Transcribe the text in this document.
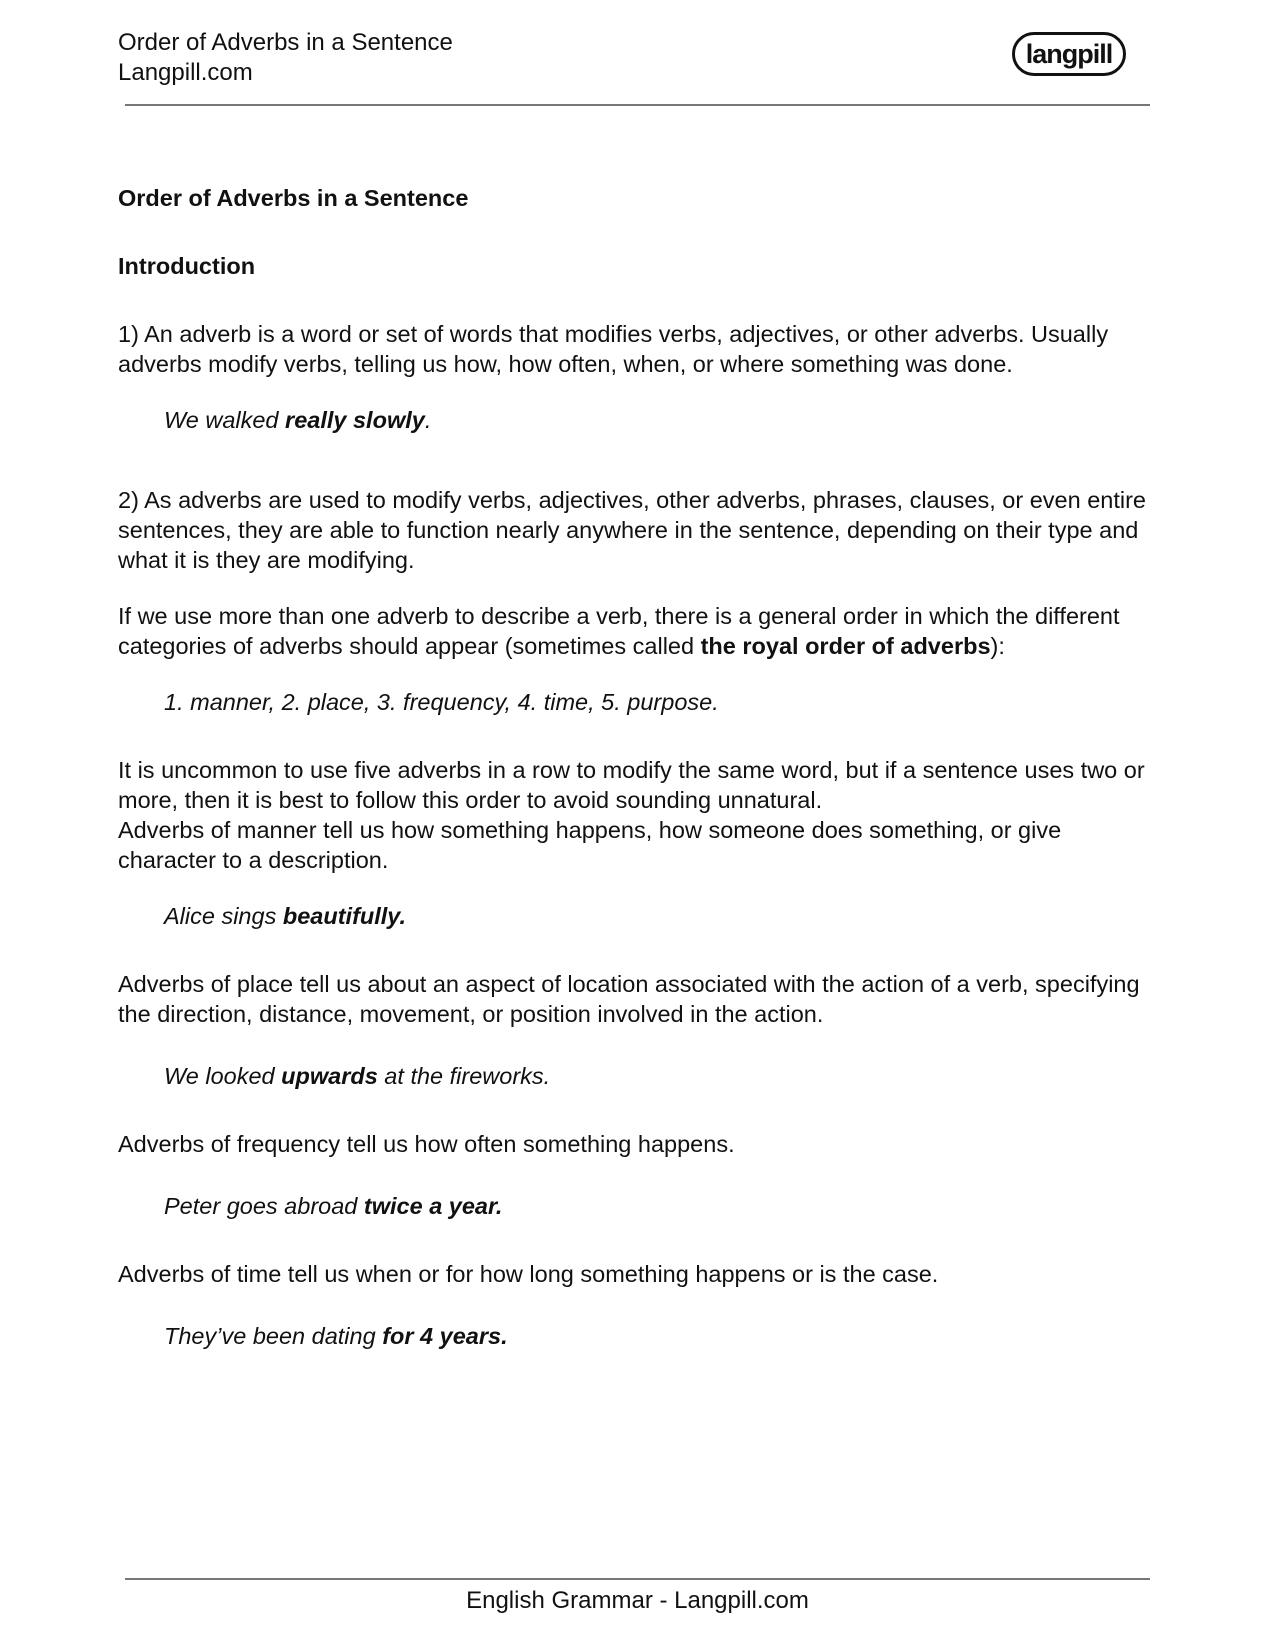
Order of Adverbs in a Sentence
Langpill.com
langpill

Order of Adverbs in a Sentence

Introduction

1) An adverb is a word or set of words that modifies verbs, adjectives, or other adverbs. Usually adverbs modify verbs, telling us how, how often, when, or where something was done.

We walked really slowly.

2) As adverbs are used to modify verbs, adjectives, other adverbs, phrases, clauses, or even entire sentences, they are able to function nearly anywhere in the sentence, depending on their type and what it is they are modifying.

If we use more than one adverb to describe a verb, there is a general order in which the different categories of adverbs should appear (sometimes called the royal order of adverbs):

1. manner, 2. place, 3. frequency, 4. time, 5. purpose.

It is uncommon to use five adverbs in a row to modify the same word, but if a sentence uses two or more, then it is best to follow this order to avoid sounding unnatural.

Adverbs of manner tell us how something happens, how someone does something, or give character to a description.

Alice sings beautifully.

Adverbs of place tell us about an aspect of location associated with the action of a verb, specifying the direction, distance, movement, or position involved in the action.

We looked upwards at the fireworks.

Adverbs of frequency tell us how often something happens.

Peter goes abroad twice a year.

Adverbs of time tell us when or for how long something happens or is the case.

They’ve been dating for 4 years.

English Grammar - Langpill.com
